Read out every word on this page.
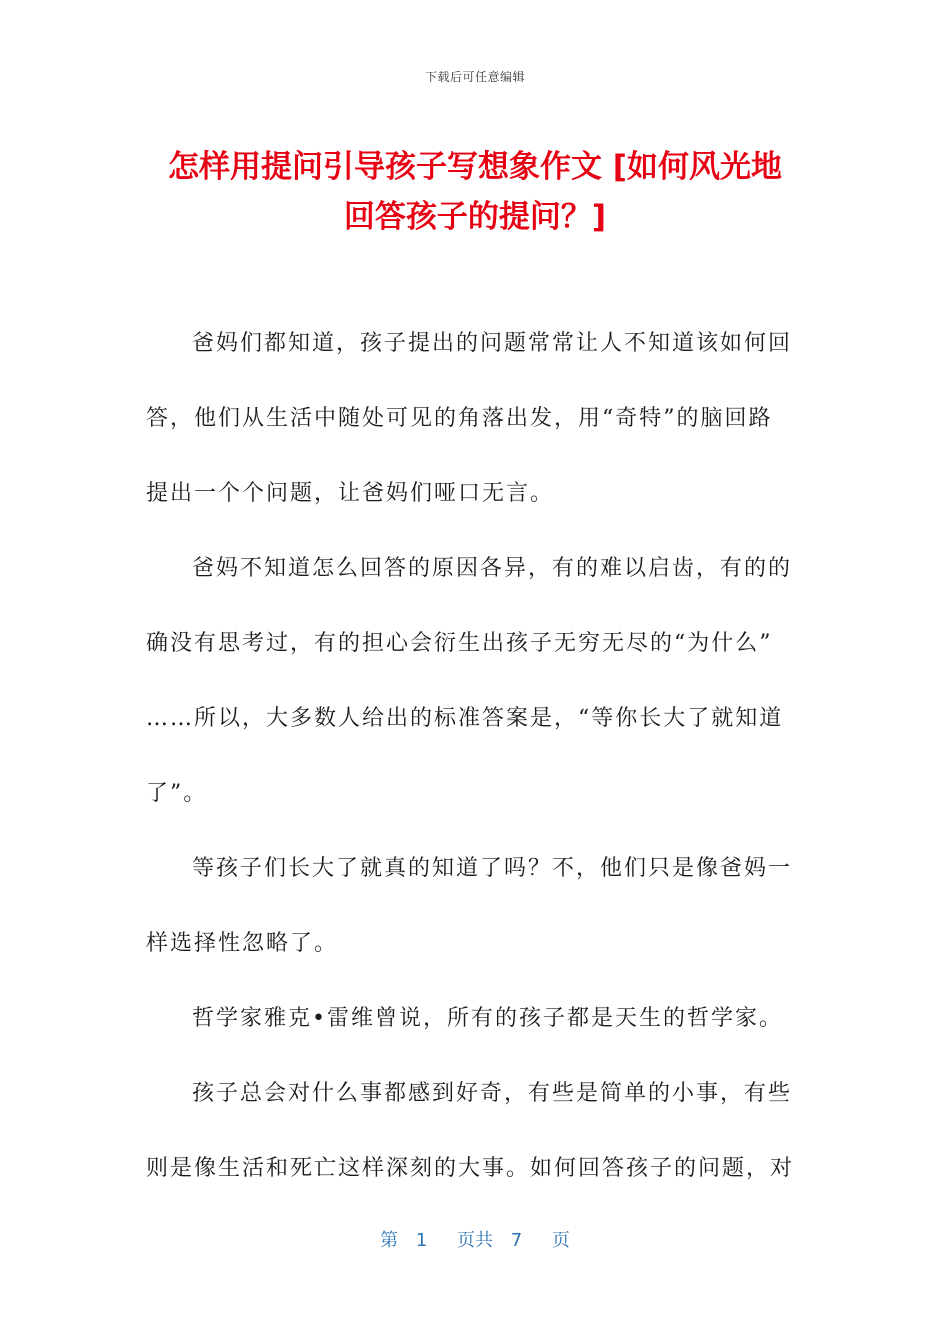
下载后可任意编辑
怎样用提问引导孩子写想象作文 [如何风光地
回答孩子的提问？]
爸妈们都知道，孩子提出的问题常常让人不知道该如何回
答，他们从生活中随处可见的角落出发，用“奇特”的脑回路
提出一个个问题，让爸妈们哑口无言。
爸妈不知道怎么回答的原因各异，有的难以启齿，有的的
确没有思考过，有的担心会衍生出孩子无穷无尽的“为什么”
……所以，大多数人给出的标准答案是，“等你长大了就知道
了”。
等孩子们长大了就真的知道了吗？不，他们只是像爸妈一
样选择性忽略了。
哲学家雅克•雷维曾说，所有的孩子都是天生的哲学家。
孩子总会对什么事都感到好奇，有些是简单的小事，有些
则是像生活和死亡这样深刻的大事。如何回答孩子的问题，对
第 1 页共 7 页
